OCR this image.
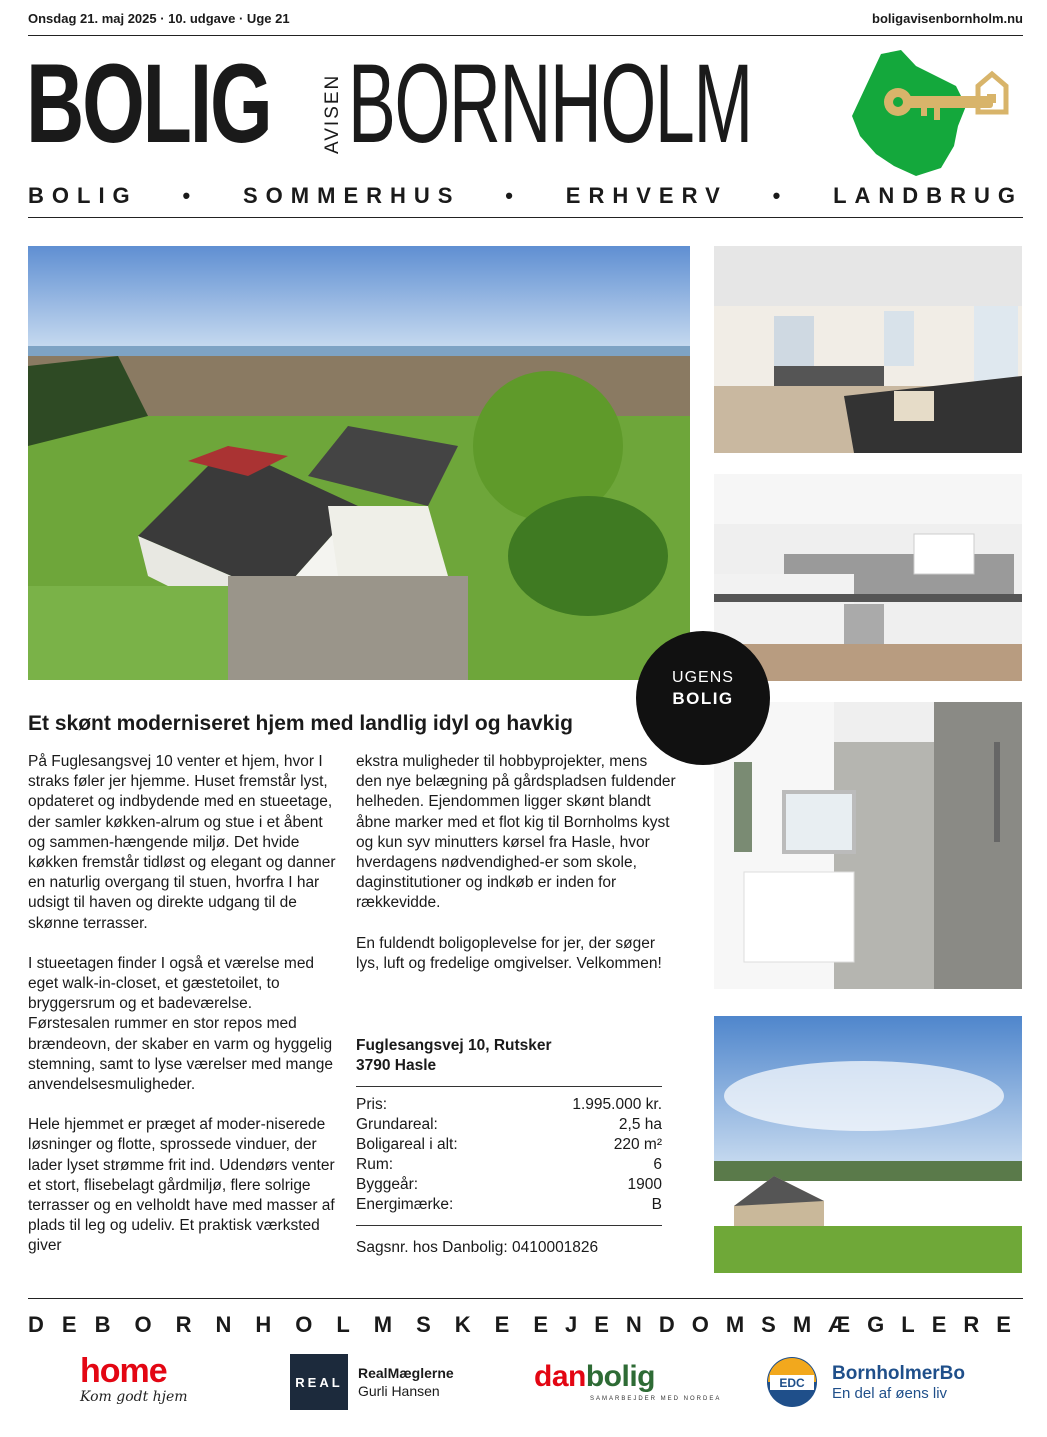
Onsdag 21. maj 2025 · 10. udgave · Uge 21	boligavisenbornholm.nu
BOLIG	AVISEN BORNHOLM
BOLIG • SOMMERHUS • ERHVERV • LANDBRUG
UGENS
BOLIG
Et skønt moderniseret hjem med landlig idyl og havkig

På Fuglesangsvej 10 venter et hjem, hvor I straks føler jer hjemme. Huset fremstår lyst, opdateret og indbydende med en stueetage, der samler køkken-alrum og stue i et åbent og sammen-hængende miljø. Det hvide køkken fremstår tidløst og elegant og danner en naturlig overgang til stuen, hvorfra I har udsigt til haven og direkte udgang til de skønne terrasser.

I stueetagen finder I også et værelse med eget walk-in-closet, et gæstetoilet, to bryggersrum og et badeværelse. Førstesalen rummer en stor repos med brændeovn, der skaber en varm og hyggelig stemning, samt to lyse værelser med mange anvendelsesmuligheder.

Hele hjemmet er præget af moder-niserede løsninger og flotte, sprossede vinduer, der lader lyset strømme frit ind. Udendørs venter et stort, flisebelagt gårdmiljø, flere solrige terrasser og en velholdt have med masser af plads til leg og udeliv. Et praktisk værksted giver

ekstra muligheder til hobbyprojekter, mens den nye belægning på gårdspladsen fuldender helheden. Ejendommen ligger skønt blandt åbne marker med et flot kig til Bornholms kyst og kun syv minutters kørsel fra Hasle, hvor hverdagens nødvendighed-er som skole, daginstitutioner og indkøb er inden for rækkevidde.

En fuldendt boligoplevelse for jer, der søger lys, luft og fredelige omgivelser. Velkommen!

Fuglesangsvej 10, Rutsker
3790 Hasle
Pris:	1.995.000 kr.
Grundareal:	2,5 ha
Boligareal i alt:	220 m²
Rum:	6
Byggeår:	1900
Energimærke:	B
Sagsnr. hos Danbolig: 0410001826
DE BORNHOLMSKE EJENDOMSMÆGLERE
home
Kom godt hjem
REAL
RealMæglerne
Gurli Hansen	danbolig
SAMARBEJDER MED NORDEA
EDC BornholmerBo
En del af øens liv
